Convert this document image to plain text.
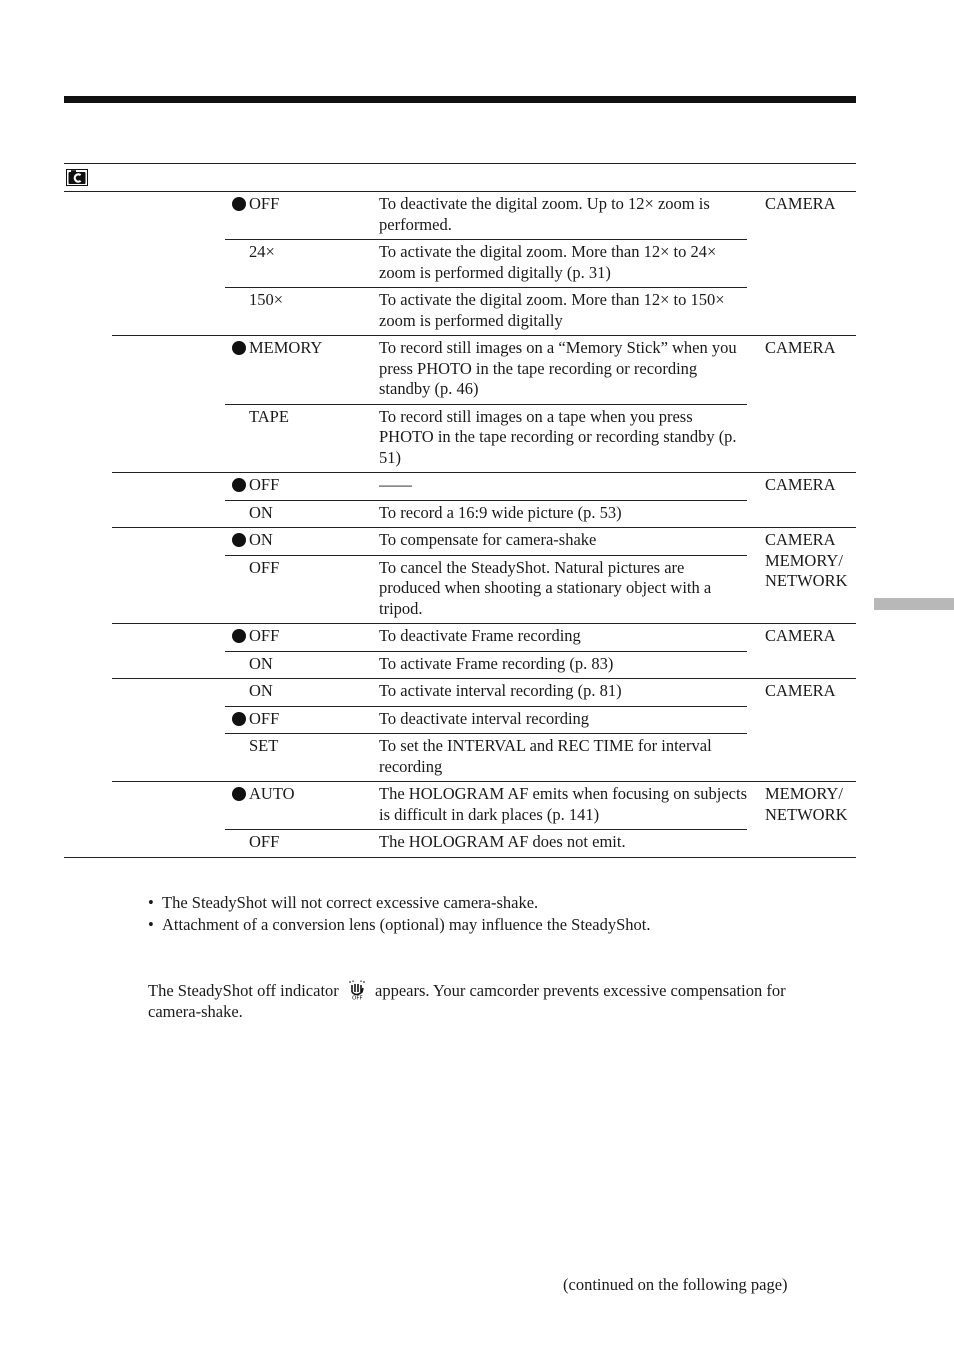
OFF	To deactivate the digital zoom. Up to 12× zoom is performed.
24×	To activate the digital zoom. More than 12× to 24× zoom is performed digitally (p. 31)
150×	To activate the digital zoom. More than 12× to 150× zoom is performed digitally
CAMERA
MEMORY	To record still images on a “Memory Stick” when you press PHOTO in the tape recording or recording standby (p. 46)
TAPE	To record still images on a tape when you press PHOTO in the tape recording or recording standby (p. 51)
CAMERA
OFF	——
ON	To record a 16:9 wide picture (p. 53)
CAMERA
ON	To compensate for camera-shake
OFF	To cancel the SteadyShot. Natural pictures are produced when shooting a stationary object with a tripod.
CAMERA MEMORY/ NETWORK
OFF	To deactivate Frame recording
ON	To activate Frame recording (p. 83)
CAMERA
ON	To activate interval recording (p. 81)
OFF	To deactivate interval recording
SET	To set the INTERVAL and REC TIME for interval recording
CAMERA
AUTO	The HOLOGRAM AF emits when focusing on subjects is difficult in dark places (p. 141)
OFF	The HOLOGRAM AF does not emit.
MEMORY/ NETWORK

• The SteadyShot will not correct excessive camera-shake.

• Attachment of a conversion lens (optional) may influence the SteadyShot.

The SteadyShot off indicator OFF appears. Your camcorder prevents excessive compensation for camera-shake.
(continued on the following page)
